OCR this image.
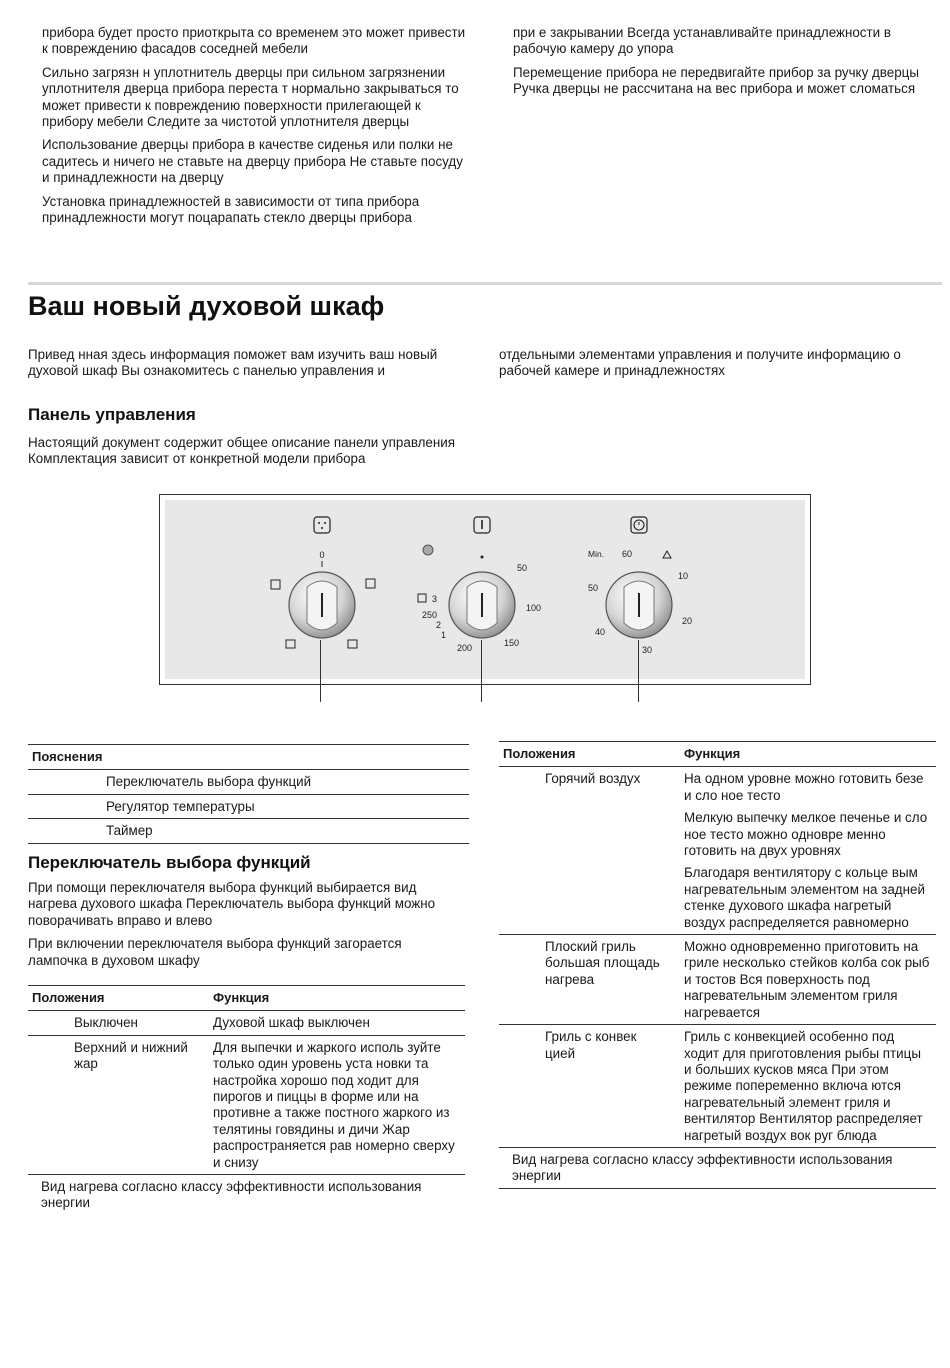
прибора будет просто приоткрыта со временем это может привести к повреждению фасадов соседней мебели

Сильно загрязн н уплотнитель дверцы при сильном загрязнении уплотнителя дверца прибора переста т нормально закрываться то может привести к повреждению поверхности прилегающей к прибору мебели Следите за чистотой уплотнителя дверцы

Использование дверцы прибора в качестве сиденья или полки не садитесь и ничего не ставьте на дверцу прибора Не ставьте посуду и принадлежности на дверцу

Установка принадлежностей в зависимости от типа прибора принадлежности могут поцарапать стекло дверцы прибора

при е закрывании Всегда устанавливайте принадлежности в рабочую камеру до упора

Перемещение прибора не передвигайте прибор за ручку дверцы Ручка дверцы не рассчитана на вес прибора и может сломаться

Ваш новый духовой шкаф
Привед нная здесь информация поможет вам изучить ваш новый духовой шкаф Вы ознакомитесь с панелью управления и
отдельными элементами управления и получите информацию о рабочей камере и принадлежностях
Панель управления
Настоящий документ содержит общее описание панели управления Комплектация зависит от конкретной модели прибора
0
50
100
150
200
1
2
250
3
Min. 60
10
20
30
40
50
Пояснения
Переключатель выбора функций
Регулятор температуры
Таймер
Переключатель выбора функций

При помощи переключателя выбора функций выбирается вид нагрева духового шкафа Переключатель выбора функций можно поворачивать вправо и влево

При включении переключателя выбора функций загорается лампочка в духовом шкафу

Положения	Функция
Выключен	Духовой шкаф выключен
Верхний и нижний жар	Для выпечки и жаркого исполь зуйте только один уровень уста новки та настройка хорошо под ходит для пирогов и пиццы в форме или на противне а также постного жаркого из телятины говядины и дичи Жар распространяется рав номерно сверху и снизу
Вид нагрева согласно классу эффективности использования энергии	
Положения	Функция
Горячий воздух	На одном уровне можно готовить безе и сло ное тесто
Мелкую выпечку мелкое печенье и сло ное тесто можно одновре менно готовить на двух уровнях
Благодаря вентилятору с кольце вым нагревательным элементом на задней стенке духового шкафа нагретый воздух распределяется равномерно

Плоский гриль большая площадь нагрева	Можно одновременно приготовить на гриле несколько стейков колба сок рыб и тостов Вся поверхность под нагревательным элементом гриля нагревается
Гриль с конвек цией	Гриль с конвекцией особенно под ходит для приготовления рыбы птицы и больших кусков мяса При этом режиме попеременно включа ются нагревательный элемент гриля и вентилятор Вентилятор распределяет нагретый воздух вок руг блюда
Вид нагрева согласно классу эффективности использования энергии	
